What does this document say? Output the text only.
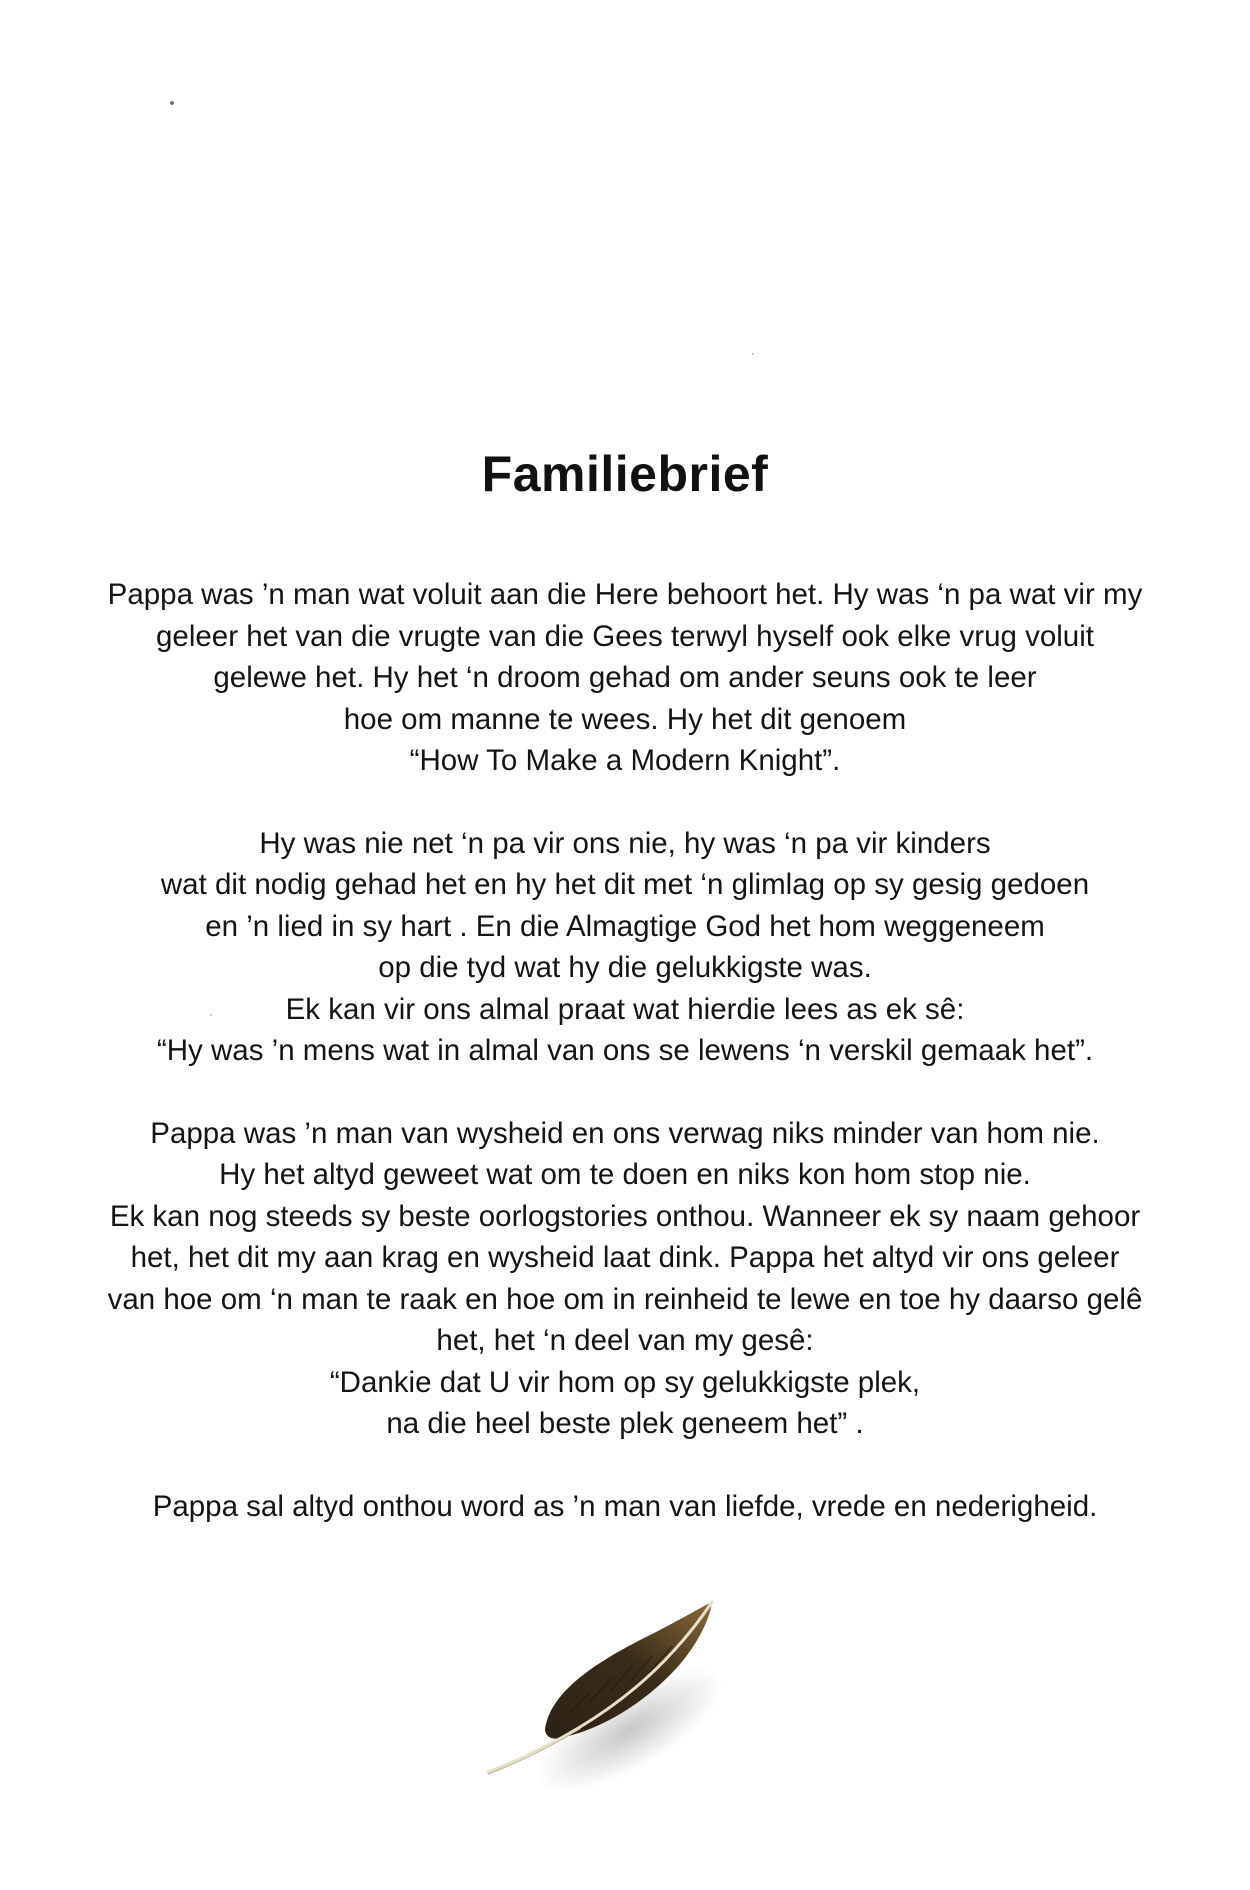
Familiebrief

Pappa was ’n man wat voluit aan die Here behoort het. Hy was ‘n pa wat vir my
geleer het van die vrugte van die Gees terwyl hyself ook elke vrug voluit
gelewe het. Hy het ‘n droom gehad om ander seuns ook te leer
hoe om manne te wees. Hy het dit genoem
“How To Make a Modern Knight”.

Hy was nie net ‘n pa vir ons nie, hy was ‘n pa vir kinders
wat dit nodig gehad het en hy het dit met ‘n glimlag op sy gesig gedoen
en ’n lied in sy hart . En die Almagtige God het hom weggeneem
op die tyd wat hy die gelukkigste was.
Ek kan vir ons almal praat wat hierdie lees as ek sê:
“Hy was ’n mens wat in almal van ons se lewens ‘n verskil gemaak het”.

Pappa was ’n man van wysheid en ons verwag niks minder van hom nie.
Hy het altyd geweet wat om te doen en niks kon hom stop nie.
Ek kan nog steeds sy beste oorlogstories onthou. Wanneer ek sy naam gehoor
het, het dit my aan krag en wysheid laat dink. Pappa het altyd vir ons geleer
van hoe om ‘n man te raak en hoe om in reinheid te lewe en toe hy daarso gelê
het, het ‘n deel van my gesê:
“Dankie dat U vir hom op sy gelukkigste plek,
na die heel beste plek geneem het” .

Pappa sal altyd onthou word as ’n man van liefde, vrede en nederigheid.
